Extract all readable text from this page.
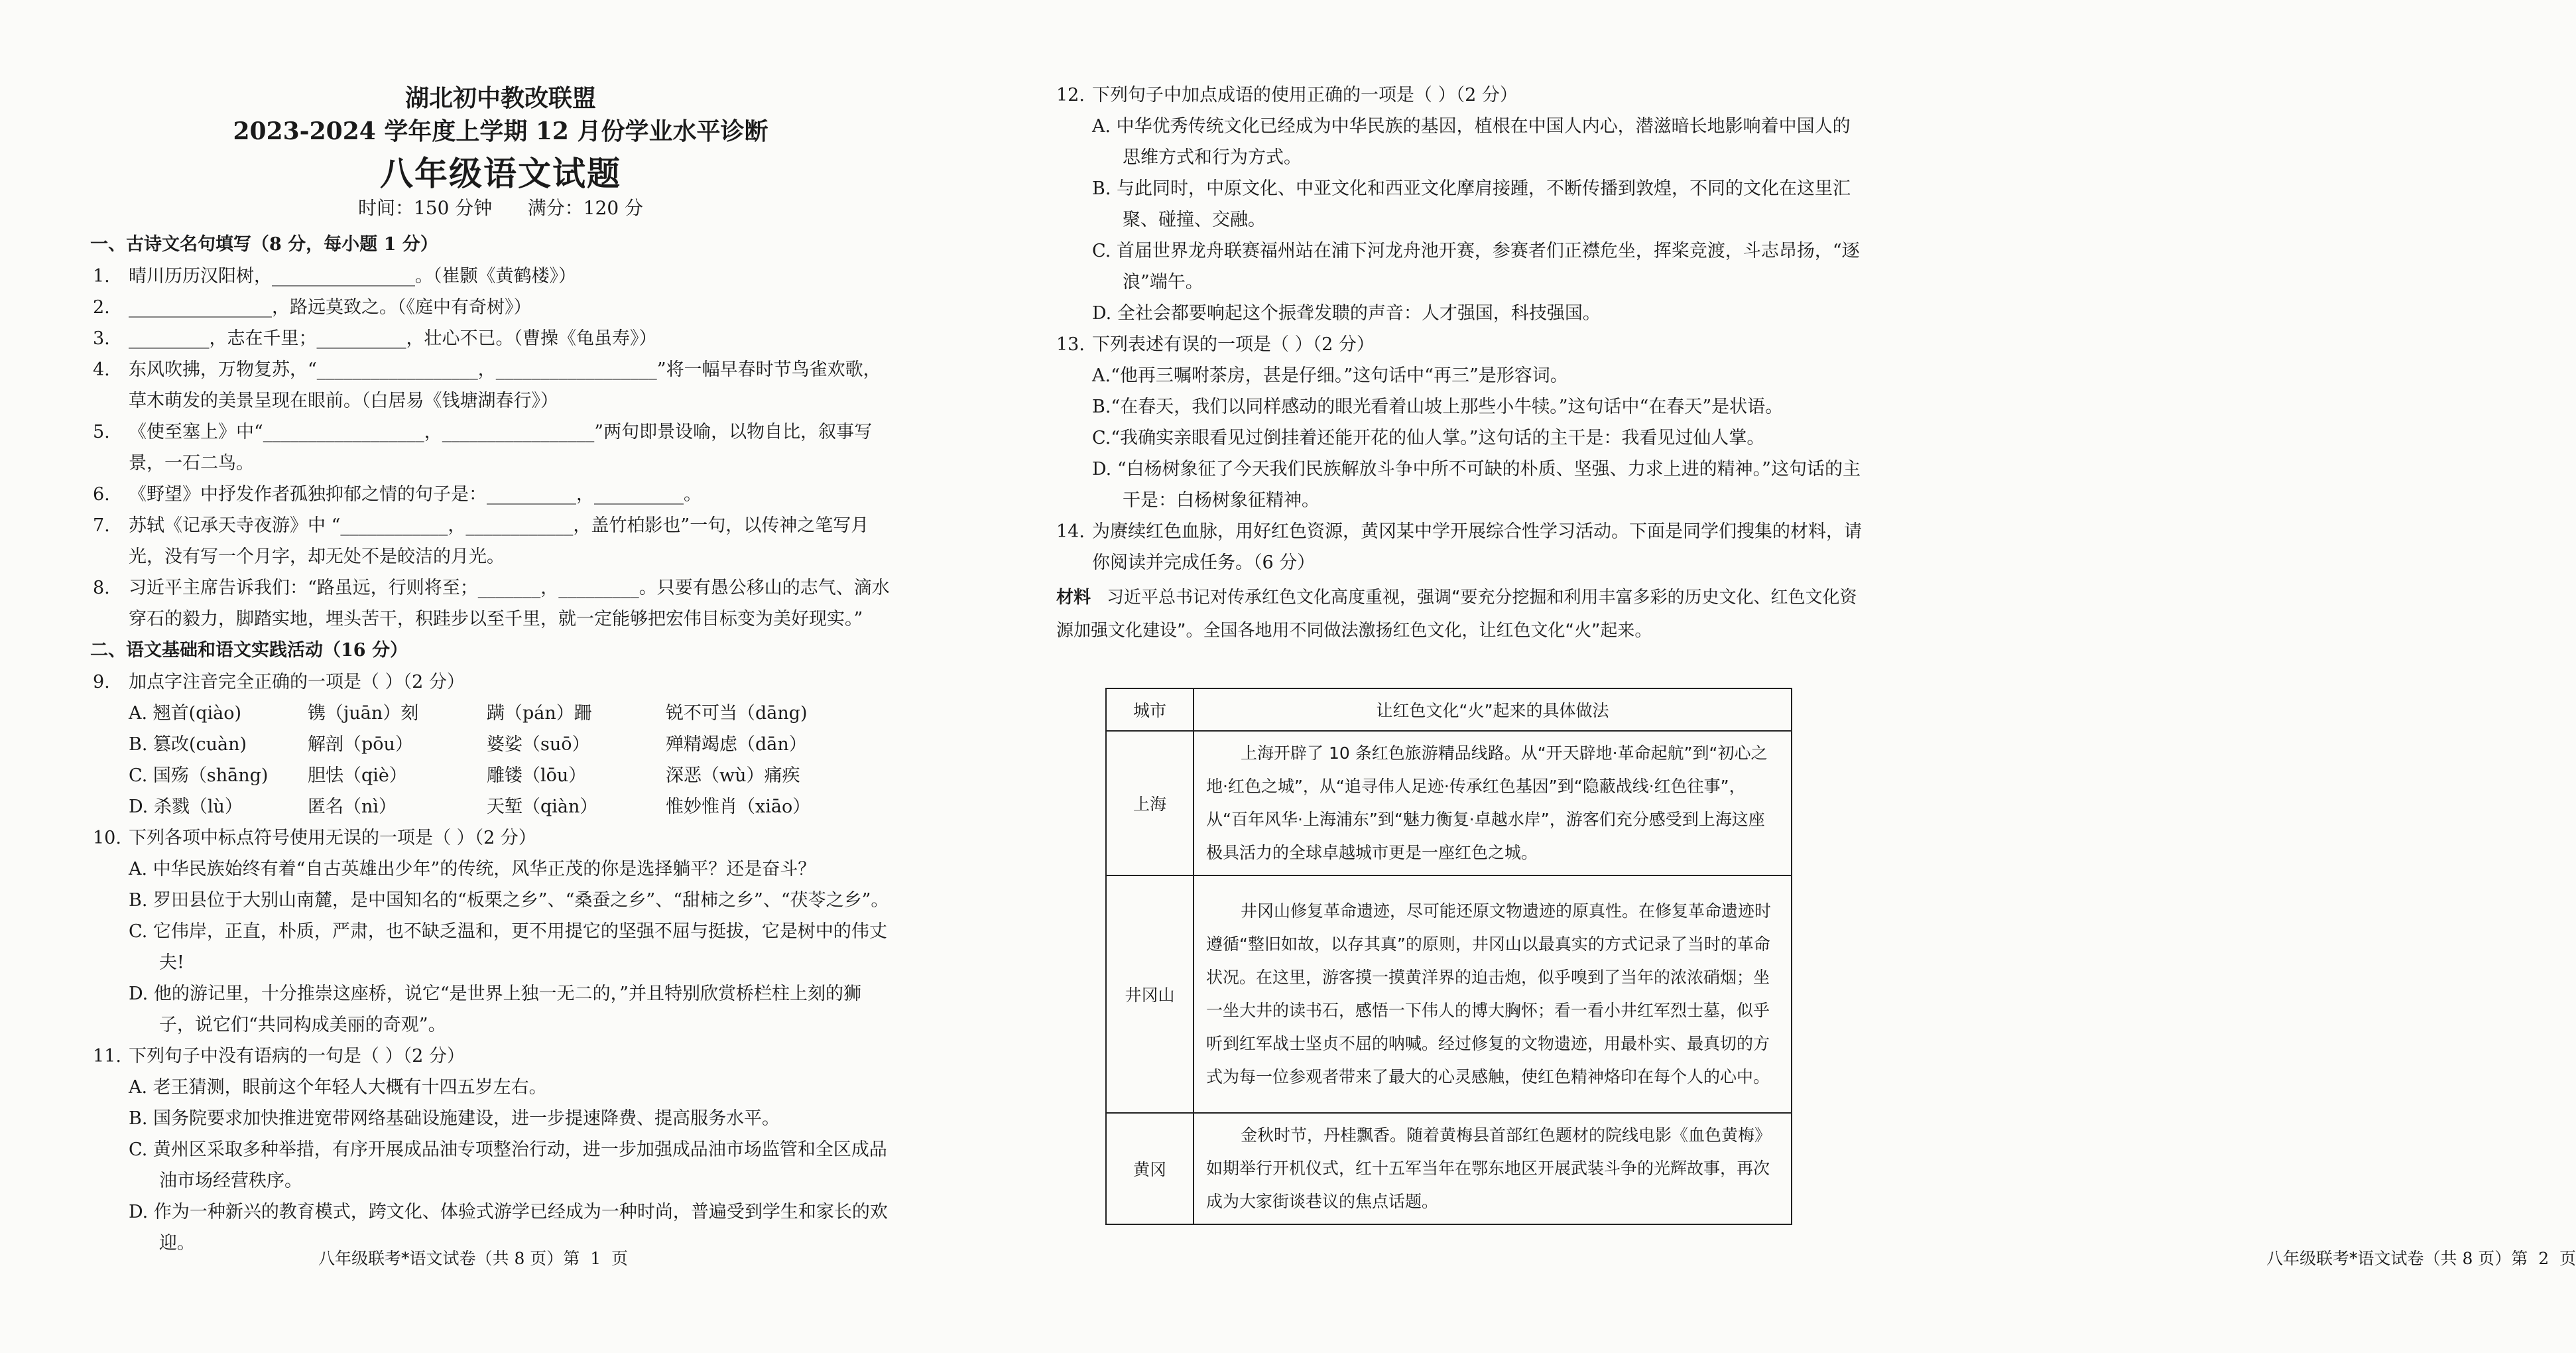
湖北初中教改联盟
2023-2024 学年度上学期 12 月份学业水平诊断
八年级语文试题
时间：150 分钟      满分：120 分
一、古诗文名句填写（8 分，每小题 1 分）
1.	晴川历历汉阳树，________________。（崔颢《黄鹤楼》）
2.	________________，路远莫致之。（《庭中有奇树》）
3.	_________，志在千里；__________，壮心不已。（曹操《龟虽寿》）
4.	东风吹拂，万物复苏，“__________________，__________________”将一幅早春时节鸟雀欢歌，草木萌发的美景呈现在眼前。（白居易《钱塘湖春行》）
5.	《使至塞上》中“__________________，_________________”两句即景设喻，以物自比，叙事写景，一石二鸟。
6.	《野望》中抒发作者孤独抑郁之情的句子是：__________，__________。
7.	苏轼《记承天寺夜游》中 “____________，____________，盖竹柏影也”一句，以传神之笔写月光，没有写一个月字，却无处不是皎洁的月光。
8.	习近平主席告诉我们：“路虽远，行则将至；_______，_________。只要有愚公移山的志气、滴水穿石的毅力，脚踏实地，埋头苦干，积跬步以至千里，就一定能够把宏伟目标变为美好现实。”
二、语文基础和语文实践活动（16 分）
9.	加点字注音完全正确的一项是（ ）（2 分）
A. 翘首(qiào)	镌（juān）刻	蹒（pán）跚	锐不可当（dāng)
B. 篡改(cuàn)	解剖（pōu）	婆娑（suō）	殚精竭虑（dān）
C. 国殇（shāng)	胆怯（qiè）	雕镂（lōu）	深恶（wù）痛疾
D. 杀戮（lù）	匿名（nì）	天堑（qiàn）	惟妙惟肖（xiāo）
10. 下列各项中标点符号使用无误的一项是（ ）（2 分）
A. 中华民族始终有着“自古英雄出少年”的传统，风华正茂的你是选择躺平？还是奋斗？
B. 罗田县位于大别山南麓，是中国知名的“板栗之乡”、“桑蚕之乡”、“甜柿之乡”、“茯苓之乡”。
C. 它伟岸，正直，朴质，严肃，也不缺乏温和，更不用提它的坚强不屈与挺拔，它是树中的伟丈夫!
D. 他的游记里，十分推崇这座桥，说它“是世界上独一无二的，”并且特别欣赏桥栏柱上刻的狮子，说它们“共同构成美丽的奇观”。
11. 下列句子中没有语病的一句是（ ）（2 分）
A. 老王猜测，眼前这个年轻人大概有十四五岁左右。
B. 国务院要求加快推进宽带网络基础设施建设，进一步提速降费、提高服务水平。
C. 黄州区采取多种举措，有序开展成品油专项整治行动，进一步加强成品油市场监管和全区成品油市场经营秩序。
D. 作为一种新兴的教育模式，跨文化、体验式游学已经成为一种时尚，普遍受到学生和家长的欢迎。
八年级联考*语文试卷（共 8 页）第  1  页
12. 下列句子中加点成语的使用正确的一项是（ ）（2 分）
A. 中华优秀传统文化已经成为中华民族的基因，植根在中国人内心，潜滋暗长地影响着中国人的思维方式和行为方式。
B. 与此同时，中原文化、中亚文化和西亚文化摩肩接踵，不断传播到敦煌，不同的文化在这里汇聚、碰撞、交融。
C. 首届世界龙舟联赛福州站在浦下河龙舟池开赛，参赛者们正襟危坐，挥桨竞渡，斗志昂扬，“逐浪”端午。
D. 全社会都要响起这个振聋发聩的声音：人才强国，科技强国。
13. 下列表述有误的一项是（ ）（2 分）
A.“他再三嘱咐茶房，甚是仔细。”这句话中“再三”是形容词。
B.“在春天，我们以同样感动的眼光看着山坡上那些小牛犊。”这句话中“在春天”是状语。
C.“我确实亲眼看见过倒挂着还能开花的仙人掌。”这句话的主干是：我看见过仙人掌。
D. “白杨树象征了今天我们民族解放斗争中所不可缺的朴质、坚强、力求上进的精神。”这句话的主干是：白杨树象征精神。
14. 为赓续红色血脉，用好红色资源，黄冈某中学开展综合性学习活动。下面是同学们搜集的材料，请你阅读并完成任务。（6 分）
材料 习近平总书记对传承红色文化高度重视，强调“要充分挖掘和利用丰富多彩的历史文化、红色文化资源加强文化建设”。全国各地用不同做法激扬红色文化，让红色文化“火”起来。
八年级联考*语文试卷（共 8 页）第  2  页
城市	让红色文化“火”起来的具体做法
上海	上海开辟了 10 条红色旅游精品线路。从“开天辟地·革命起航”到“初心之地·红色之城”，从“追寻伟人足迹·传承红色基因”到“隐蔽战线·红色往事”，从“百年风华·上海浦东”到“魅力衡复·卓越水岸”，游客们充分感受到上海这座极具活力的全球卓越城市更是一座红色之城。
井冈山	井冈山修复革命遗迹，尽可能还原文物遗迹的原真性。在修复革命遗迹时遵循“整旧如故，以存其真”的原则，井冈山以最真实的方式记录了当时的革命状况。在这里，游客摸一摸黄洋界的迫击炮，似乎嗅到了当年的浓浓硝烟；坐一坐大井的读书石，感悟一下伟人的博大胸怀；看一看小井红军烈士墓，似乎听到红军战士坚贞不屈的呐喊。经过修复的文物遗迹，用最朴实、最真切的方式为每一位参观者带来了最大的心灵感触，使红色精神烙印在每个人的心中。
黄冈	金秋时节，丹桂飘香。随着黄梅县首部红色题材的院线电影《血色黄梅》如期举行开机仪式，红十五军当年在鄂东地区开展武装斗争的光辉故事，再次成为大家街谈巷议的焦点话题。
